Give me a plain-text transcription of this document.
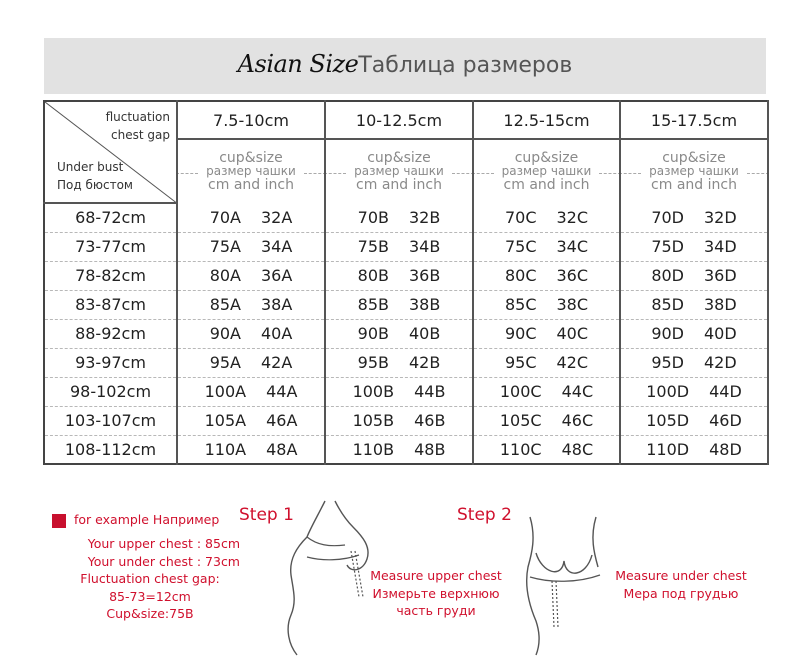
Asian SizeТаблица размеров
fluctuation
chest gap
Under bust
Под бюстом	7.5-10cm	10-12.5cm	12.5-15cm	15-17.5cm

	cup&size
размер чашки
cm and inch	cup&size
размер чашки
cm and inch	cup&size
размер чашки
cm and inch	cup&size
размер чашки
cm and inch

68-72cm	70A 32A	70B 32B	70C 32C	70D 32D

73-77cm	75A 34A	75B 34B	75C 34C	75D 34D

78-82cm	80A 36A	80B 36B	80C 36C	80D 36D

83-87cm	85A 38A	85B 38B	85C 38C	85D 38D

88-92cm	90A 40A	90B 40B	90C 40C	90D 40D

93-97cm	95A 42A	95B 42B	95C 42C	95D 42D

98-102cm	100A 44A	100B 44B	100C 44C	100D 44D

103-107cm	105A 46A	105B 46B	105C 46C	105D 46D

108-112cm	110A 48A	110B 48B	110C 48C	110D 48D
for example Например
Your upper chest : 85cm
Your under chest : 73cm
Fluctuation chest gap:
85-73=12cm
Cup&size:75B
Step 1
Measure upper chest
Измерьте верхнюю
часть груди
Step 2
Measure under chest
Мера под грудью
